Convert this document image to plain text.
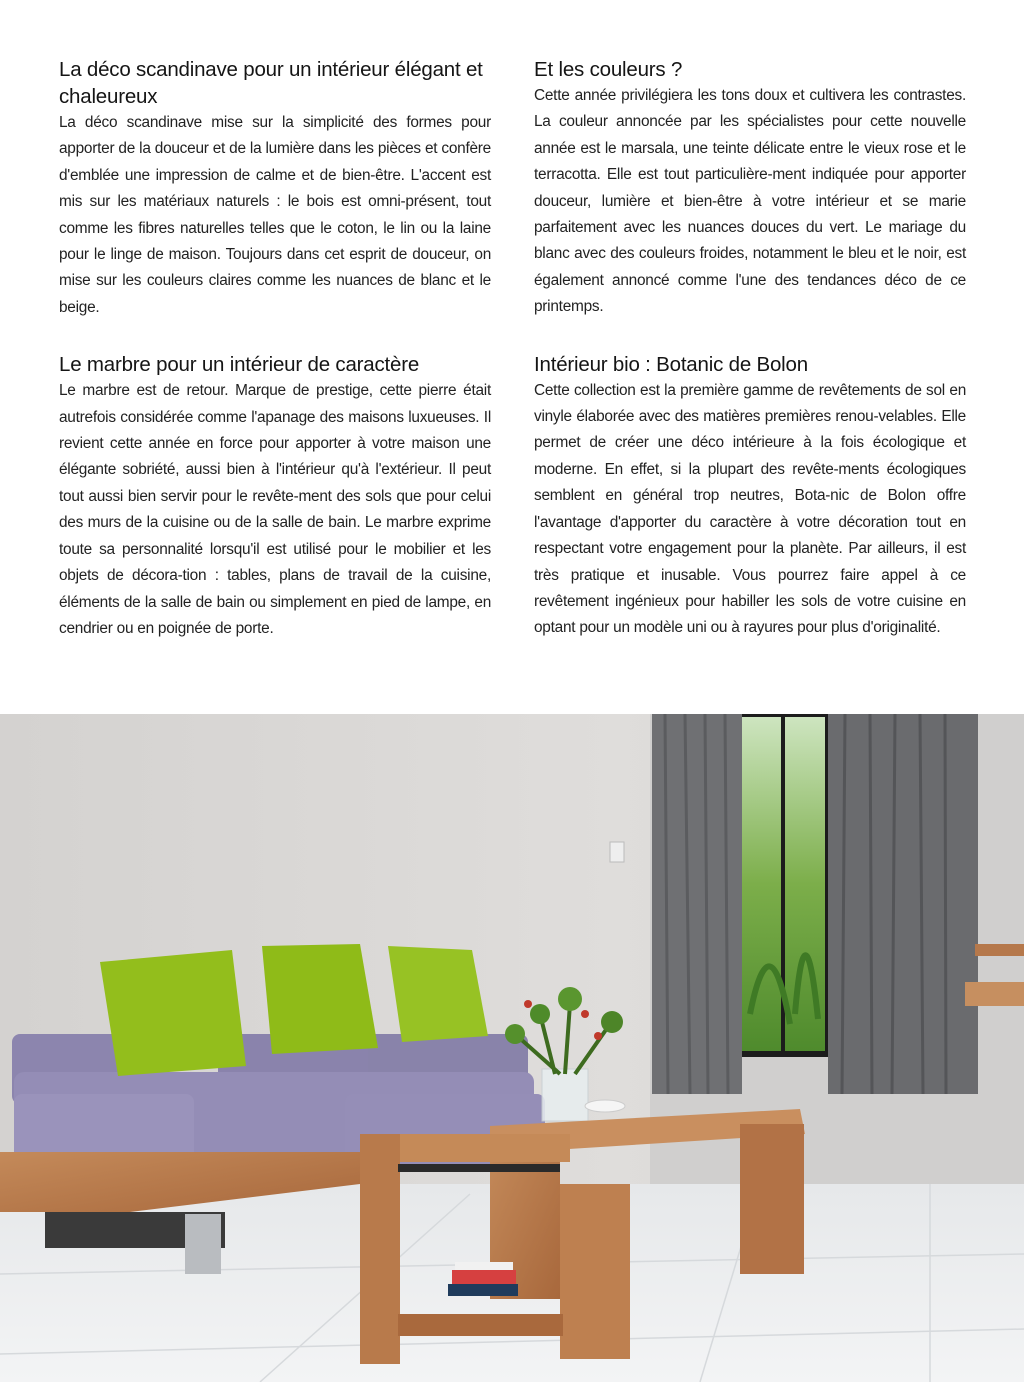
La déco scandinave pour un intérieur élégant et chaleureux

La déco scandinave mise sur la simplicité des formes pour apporter de la douceur et de la lumière dans les pièces et confère d'emblée une impression de calme et de bien-être. L'accent est mis sur les matériaux naturels : le bois est omni-présent, tout comme les fibres naturelles telles que le coton, le lin ou la laine pour le linge de maison. Toujours dans cet esprit de douceur, on mise sur les couleurs claires comme les nuances de blanc et le beige.

Le marbre pour un intérieur de caractère

Le marbre est de retour. Marque de prestige, cette pierre était autrefois considérée comme l'apanage des maisons luxueuses. Il revient cette année en force pour apporter à votre maison une élégante sobriété, aussi bien à l'intérieur qu'à l'extérieur. Il peut tout aussi bien servir pour le revête-ment des sols que pour celui des murs de la cuisine ou de la salle de bain. Le marbre exprime toute sa personnalité lorsqu'il est utilisé pour le mobilier et les objets de décora-tion : tables, plans de travail de la cuisine, éléments de la salle de bain ou simplement en pied de lampe, en cendrier ou en poignée de porte.

Et les couleurs ?

Cette année privilégiera les tons doux et cultivera les contrastes. La couleur annoncée par les spécialistes pour cette nouvelle année est le marsala, une teinte délicate entre le vieux rose et le terracotta. Elle est tout particulière-ment indiquée pour apporter douceur, lumière et bien-être à votre intérieur et se marie parfaitement avec les nuances douces du vert. Le mariage du blanc avec des couleurs froides, notamment le bleu et le noir, est également annoncé comme l'une des tendances déco de ce printemps.

Intérieur bio : Botanic de Bolon

Cette collection est la première gamme de revêtements de sol en vinyle élaborée avec des matières premières renou-velables. Elle permet de créer une déco intérieure à la fois écologique et moderne. En effet, si la plupart des revête-ments écologiques semblent en général trop neutres, Bota-nic de Bolon offre l'avantage d'apporter du caractère à votre décoration tout en respectant votre engagement pour la planète. Par ailleurs, il est très pratique et inusable. Vous pourrez faire appel à ce revêtement ingénieux pour habiller les sols de votre cuisine en optant pour un modèle uni ou à rayures pour plus d'originalité.
